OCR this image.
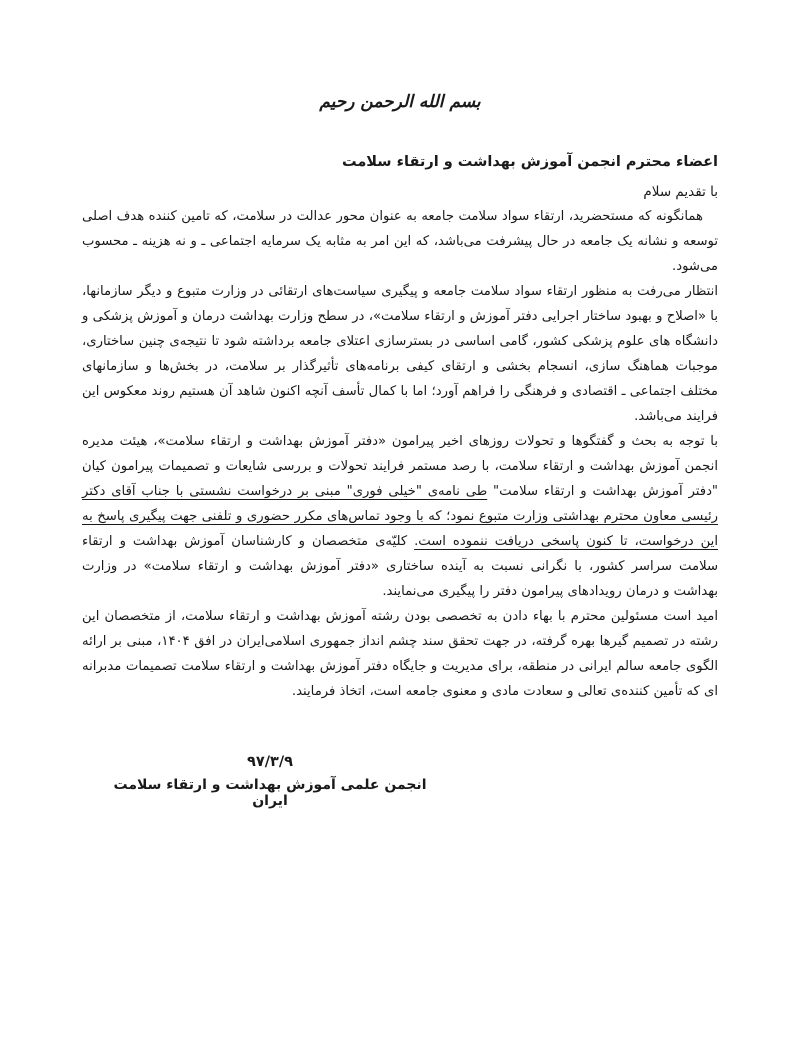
بسم الله الرحمن رحیم
اعضاء محترم انجمن آموزش بهداشت و ارتقاء سلامت
با تقدیم سلام

همانگونه که مستحضرید، ارتقاء سواد سلامت جامعه به عنوان محور عدالت در سلامت، که تامین کننده هدف اصلی توسعه و نشانه یک جامعه در حال پیشرفت می‌باشد، که این امر به مثابه یک سرمایه اجتماعی ـ و نه هزینه ـ محسوب می‌شود.

انتظار می‌رفت به منظور ارتقاء سواد سلامت جامعه و پیگیری سیاست‌های ارتقائی در وزارت متبوع و دیگر سازمانها، با «اصلاح و بهبود ساختار اجرایی دفتر آموزش و ارتقاء سلامت»، در سطح وزارت بهداشت درمان و آموزش پزشکی و دانشگاه های علوم پزشکی کشور، گامی اساسی در بسترسازی اعتلای جامعه برداشته شود تا نتیجه‌ی چنین ساختاری، موجبات هماهنگ سازی، انسجام بخشی و ارتقای کیفی برنامه‌های تأثیرگذار بر سلامت، در بخش‌ها و سازمانهای مختلف اجتماعی ـ اقتصادی و فرهنگی را فراهم آورد؛ اما با کمال تأسف آنچه اکنون شاهد آن هستیم روند معکوس این فرایند می‌باشد.

با توجه به بحث و گفتگوها و تحولات روزهای اخیر پیرامون «دفتر آموزش بهداشت و ارتقاء سلامت»، هیئت مدیره انجمن آموزش بهداشت و ارتقاء سلامت، با رصد مستمر فرایند تحولات و بررسی شایعات و تصمیمات پیرامون کیان "دفتر آموزش بهداشت و ارتقاء سلامت" طی نامه‌ی "خیلی فوری" مبنی بر درخواست نشستی با جناب آقای دکتر رئیسی معاون محترم بهداشتی وزارت متبوع نمود؛ که با وجود تماس‌های مکرر حضوری و تلفنی جهت پیگیری پاسخ به این درخواست، تا کنون پاسخی دریافت ننموده است. کلیّه‌ی متخصصان و کارشناسان آموزش بهداشت و ارتقاء سلامت سراسر کشور، با نگرانی نسبت به آینده ساختاری «دفتر آموزش بهداشت و ارتقاء سلامت» در وزارت بهداشت و درمان رویدادهای پیرامون دفتر را پیگیری می‌نمایند.

امید است مسئولین محترم با بهاء دادن به تخصصی بودن رشته آموزش بهداشت و ارتقاء سلامت، از متخصصان این رشته در تصمیم گیرها بهره گرفته، در جهت تحقق سند چشم انداز جمهوری اسلامی‌ایران در افق ۱۴۰۴، مبنی بر ارائه الگوی جامعه سالم ایرانی در منطقه، برای مدیریت و جایگاه دفتر آموزش بهداشت و ارتقاء سلامت تصمیمات مدبرانه ای که تأمین کننده‌ی تعالی و سعادت مادی و معنوی جامعه است، اتخاذ فرمایند.

۹۷/۳/۹
انجمن علمی آموزش بهداشت و ارتقاء سلامت ایران
